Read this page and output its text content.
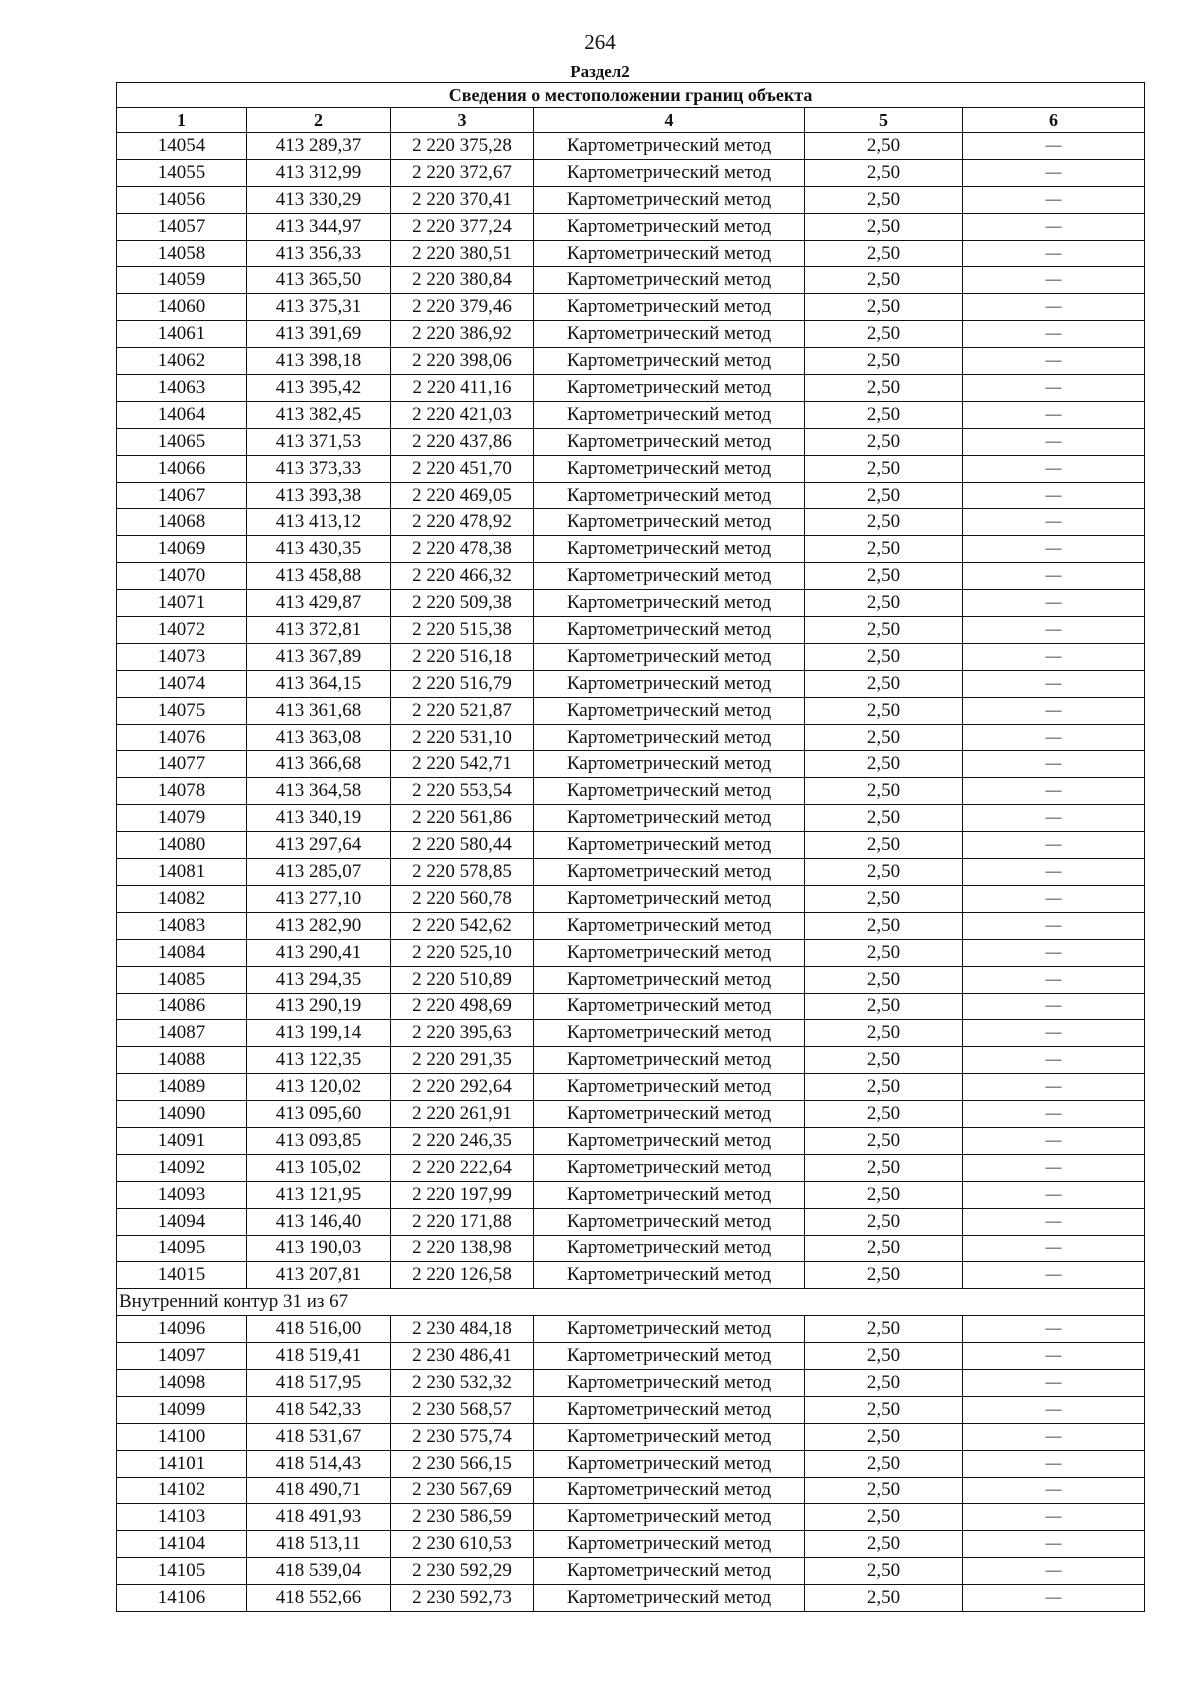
264
Раздел2
Сведения о местоположении границ объекта					
1	2	3	4	5	6
14054	413 289,37	2 220 375,28	Картометрический метод	2,50	—
14055	413 312,99	2 220 372,67	Картометрический метод	2,50	—
14056	413 330,29	2 220 370,41	Картометрический метод	2,50	—
14057	413 344,97	2 220 377,24	Картометрический метод	2,50	—
14058	413 356,33	2 220 380,51	Картометрический метод	2,50	—
14059	413 365,50	2 220 380,84	Картометрический метод	2,50	—
14060	413 375,31	2 220 379,46	Картометрический метод	2,50	—
14061	413 391,69	2 220 386,92	Картометрический метод	2,50	—
14062	413 398,18	2 220 398,06	Картометрический метод	2,50	—
14063	413 395,42	2 220 411,16	Картометрический метод	2,50	—
14064	413 382,45	2 220 421,03	Картометрический метод	2,50	—
14065	413 371,53	2 220 437,86	Картометрический метод	2,50	—
14066	413 373,33	2 220 451,70	Картометрический метод	2,50	—
14067	413 393,38	2 220 469,05	Картометрический метод	2,50	—
14068	413 413,12	2 220 478,92	Картометрический метод	2,50	—
14069	413 430,35	2 220 478,38	Картометрический метод	2,50	—
14070	413 458,88	2 220 466,32	Картометрический метод	2,50	—
14071	413 429,87	2 220 509,38	Картометрический метод	2,50	—
14072	413 372,81	2 220 515,38	Картометрический метод	2,50	—
14073	413 367,89	2 220 516,18	Картометрический метод	2,50	—
14074	413 364,15	2 220 516,79	Картометрический метод	2,50	—
14075	413 361,68	2 220 521,87	Картометрический метод	2,50	—
14076	413 363,08	2 220 531,10	Картометрический метод	2,50	—
14077	413 366,68	2 220 542,71	Картометрический метод	2,50	—
14078	413 364,58	2 220 553,54	Картометрический метод	2,50	—
14079	413 340,19	2 220 561,86	Картометрический метод	2,50	—
14080	413 297,64	2 220 580,44	Картометрический метод	2,50	—
14081	413 285,07	2 220 578,85	Картометрический метод	2,50	—
14082	413 277,10	2 220 560,78	Картометрический метод	2,50	—
14083	413 282,90	2 220 542,62	Картометрический метод	2,50	—
14084	413 290,41	2 220 525,10	Картометрический метод	2,50	—
14085	413 294,35	2 220 510,89	Картометрический метод	2,50	—
14086	413 290,19	2 220 498,69	Картометрический метод	2,50	—
14087	413 199,14	2 220 395,63	Картометрический метод	2,50	—
14088	413 122,35	2 220 291,35	Картометрический метод	2,50	—
14089	413 120,02	2 220 292,64	Картометрический метод	2,50	—
14090	413 095,60	2 220 261,91	Картометрический метод	2,50	—
14091	413 093,85	2 220 246,35	Картометрический метод	2,50	—
14092	413 105,02	2 220 222,64	Картометрический метод	2,50	—
14093	413 121,95	2 220 197,99	Картометрический метод	2,50	—
14094	413 146,40	2 220 171,88	Картометрический метод	2,50	—
14095	413 190,03	2 220 138,98	Картометрический метод	2,50	—
14015	413 207,81	2 220 126,58	Картометрический метод	2,50	—
Внутренний контур 31 из 67					
14096	418 516,00	2 230 484,18	Картометрический метод	2,50	—
14097	418 519,41	2 230 486,41	Картометрический метод	2,50	—
14098	418 517,95	2 230 532,32	Картометрический метод	2,50	—
14099	418 542,33	2 230 568,57	Картометрический метод	2,50	—
14100	418 531,67	2 230 575,74	Картометрический метод	2,50	—
14101	418 514,43	2 230 566,15	Картометрический метод	2,50	—
14102	418 490,71	2 230 567,69	Картометрический метод	2,50	—
14103	418 491,93	2 230 586,59	Картометрический метод	2,50	—
14104	418 513,11	2 230 610,53	Картометрический метод	2,50	—
14105	418 539,04	2 230 592,29	Картометрический метод	2,50	—
14106	418 552,66	2 230 592,73	Картометрический метод	2,50	—
